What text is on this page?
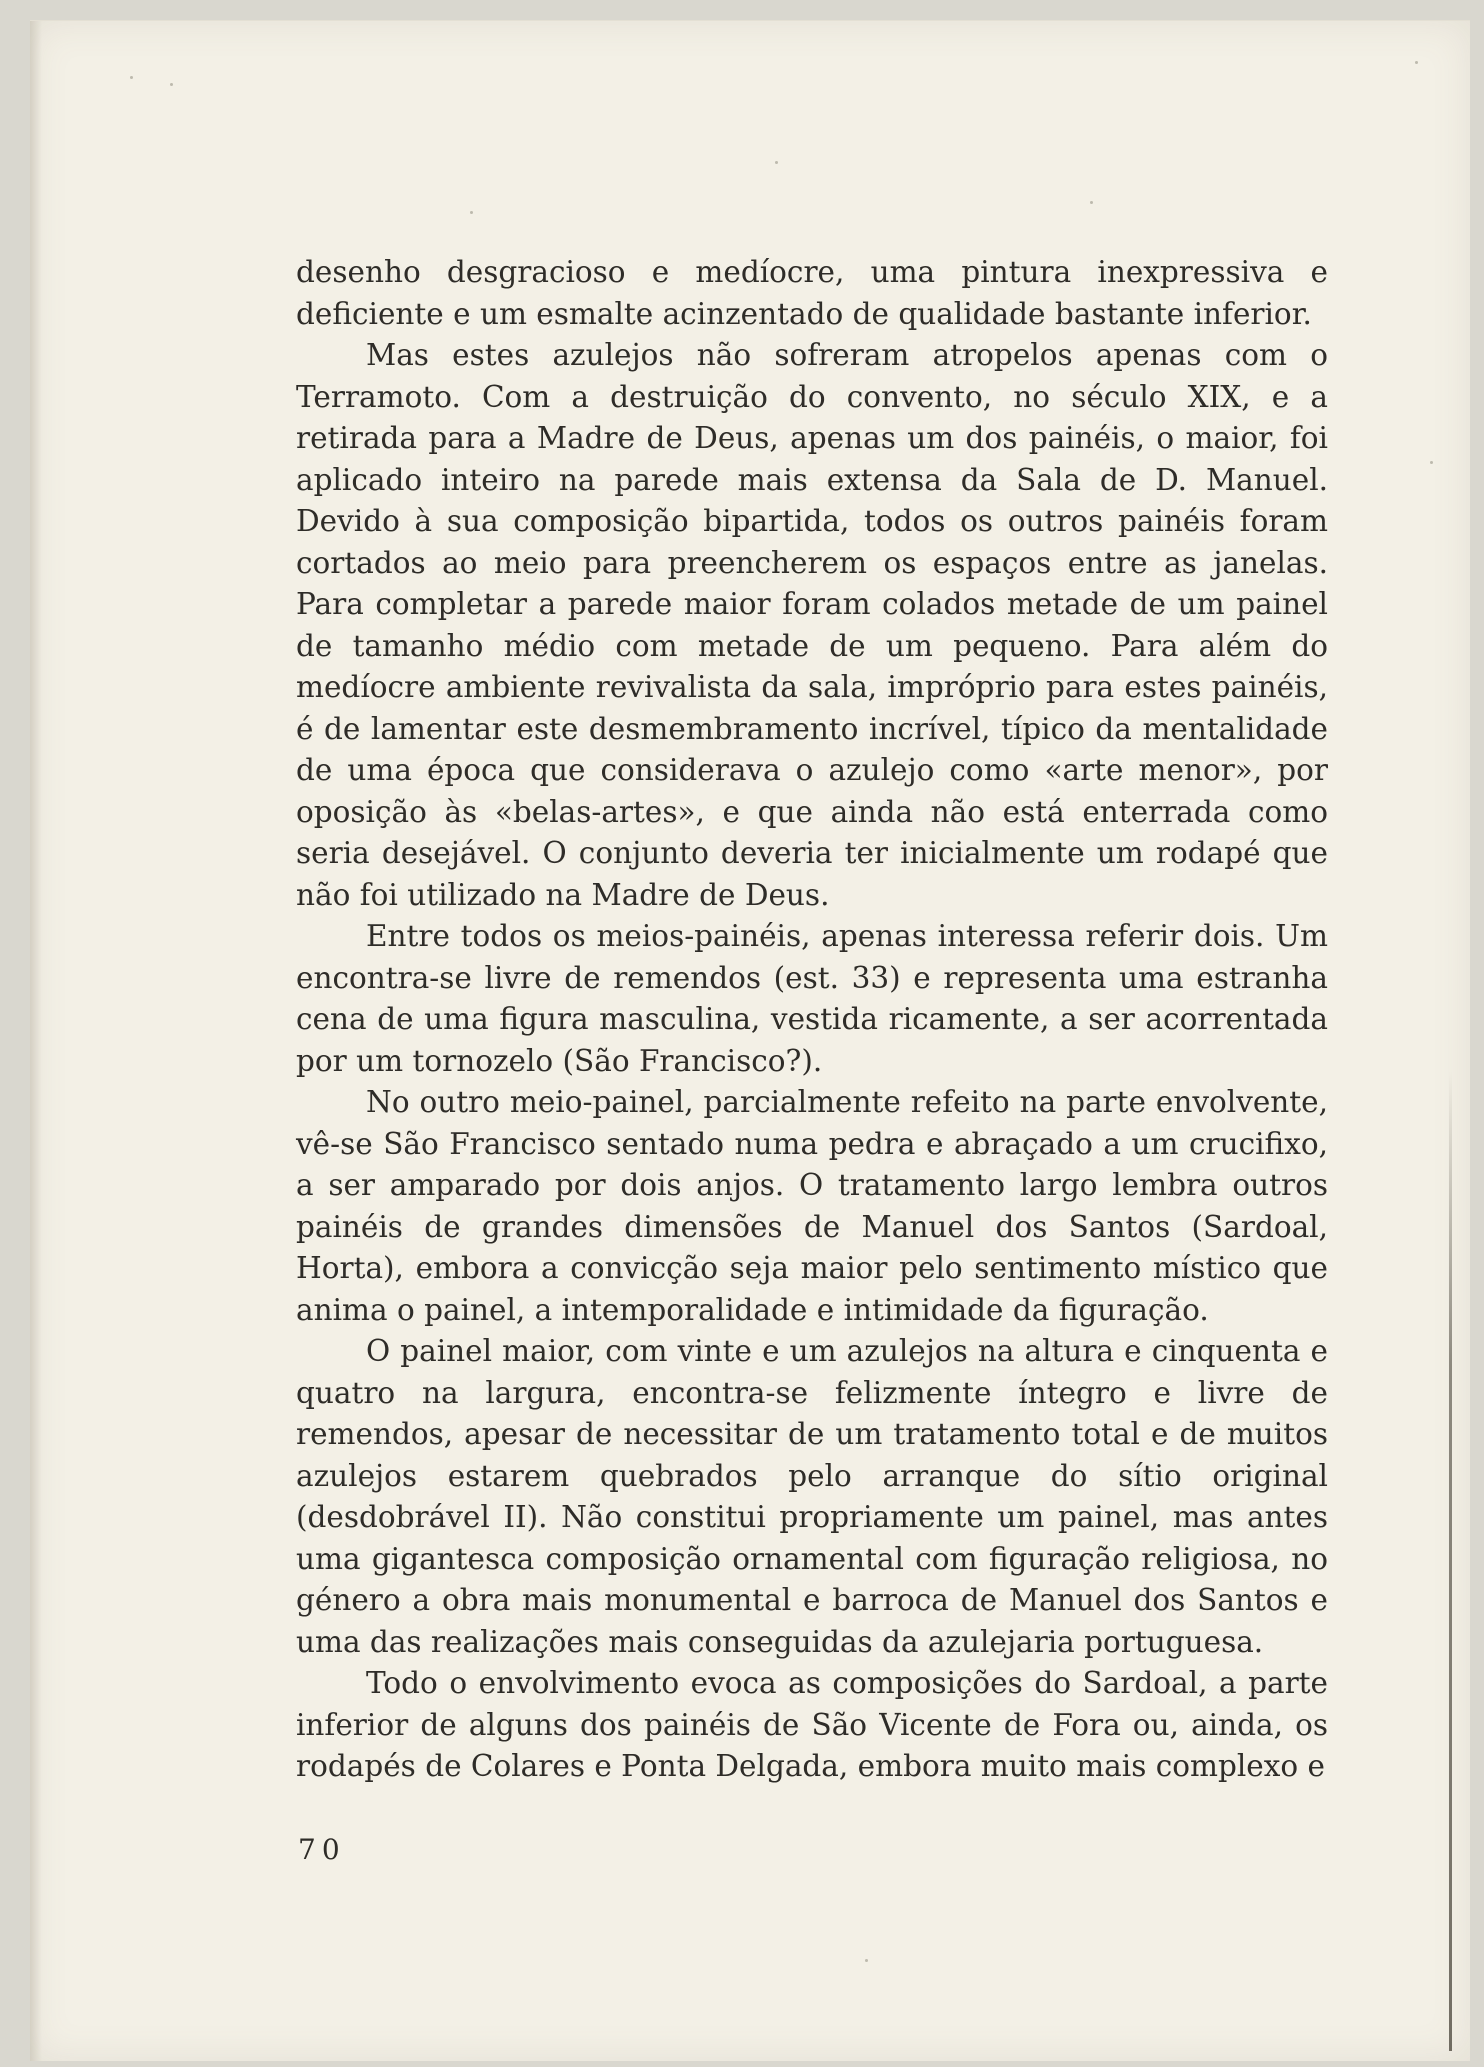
desenho desgracioso e medíocre, uma pintura inexpressiva e deficiente e um esmalte acinzentado de qualidade bastante inferior.

Mas estes azulejos não sofreram atropelos apenas com o Terramoto. Com a destruição do convento, no século XIX, e a retirada para a Madre de Deus, apenas um dos painéis, o maior, foi aplicado inteiro na parede mais extensa da Sala de D. Manuel. Devido à sua composição bipartida, todos os outros painéis foram cortados ao meio para preencherem os espaços entre as janelas. Para completar a parede maior foram colados metade de um painel de tamanho médio com metade de um pequeno. Para além do medíocre ambiente revivalista da sala, impróprio para estes painéis, é de lamentar este desmembramento incrível, típico da mentalidade de uma época que considerava o azulejo como «arte menor», por oposição às «belas-artes», e que ainda não está enterrada como seria desejável. O conjunto deveria ter inicialmente um rodapé que não foi utilizado na Madre de Deus.

Entre todos os meios-painéis, apenas interessa referir dois. Um encontra-se livre de remendos (est. 33) e representa uma estranha cena de uma figura masculina, vestida ricamente, a ser acorrentada por um tornozelo (São Francisco?).

No outro meio-painel, parcialmente refeito na parte envolvente, vê-se São Francisco sentado numa pedra e abraçado a um crucifixo, a ser amparado por dois anjos. O tratamento largo lembra outros painéis de grandes dimensões de Manuel dos Santos (Sardoal, Horta), embora a convicção seja maior pelo sentimento místico que anima o painel, a intemporalidade e intimidade da figuração.

O painel maior, com vinte e um azulejos na altura e cinquenta e quatro na largura, encontra-se felizmente íntegro e livre de remendos, apesar de necessitar de um tratamento total e de muitos azulejos estarem quebrados pelo arranque do sítio original (desdobrável II). Não constitui propriamente um painel, mas antes uma gigantesca composição ornamental com figuração religiosa, no género a obra mais monumental e barroca de Manuel dos Santos e uma das realizações mais conseguidas da azulejaria portuguesa.

Todo o envolvimento evoca as composições do Sardoal, a parte inferior de alguns dos painéis de São Vicente de Fora ou, ainda, os rodapés de Colares e Ponta Delgada, embora muito mais complexo e

70
